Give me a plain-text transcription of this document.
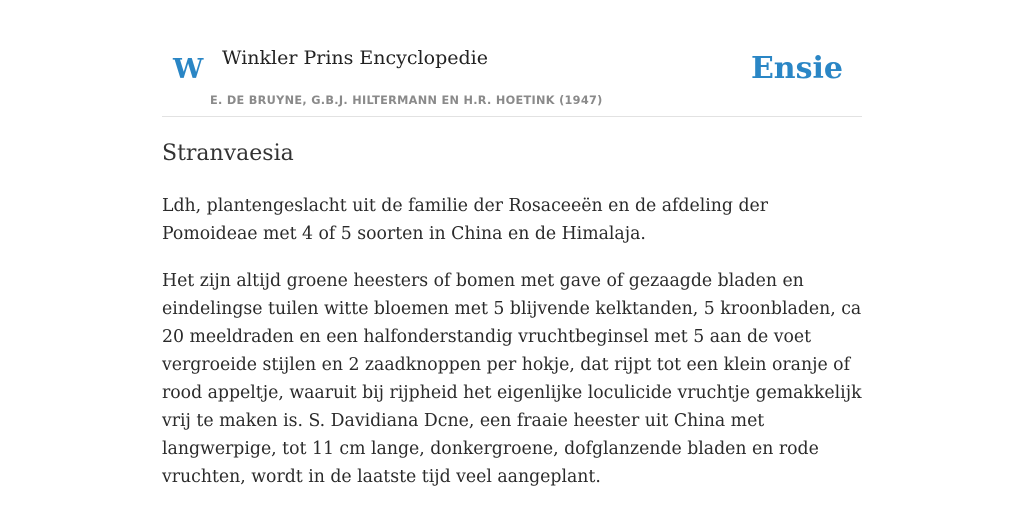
W Winkler Prins Encyclopedie
E. DE BRUYNE, G.B.J. HILTERMANN EN H.R. HOETINK (1947)
Ensie
Stranvaesia

Ldh, plantengeslacht uit de familie der Rosaceeën en de afdeling der Pomoideae met 4 of 5 soorten in China en de Himalaja.

Het zijn altijd groene heesters of bomen met gave of gezaagde bladen en eindelingse tuilen witte bloemen met 5 blijvende kelktanden, 5 kroonbladen, ca 20 meeldraden en een halfonderstandig vruchtbeginsel met 5 aan de voet vergroeide stijlen en 2 zaadknoppen per hokje, dat rijpt tot een klein oranje of rood appeltje, waaruit bij rijpheid het eigenlijke loculicide vruchtje gemakkelijk vrij te maken is. S. Davidiana Dcne, een fraaie heester uit China met langwerpige, tot 11 cm lange, donkergroene, dofglanzende bladen en rode vruchten, wordt in de laatste tijd veel aangeplant.
